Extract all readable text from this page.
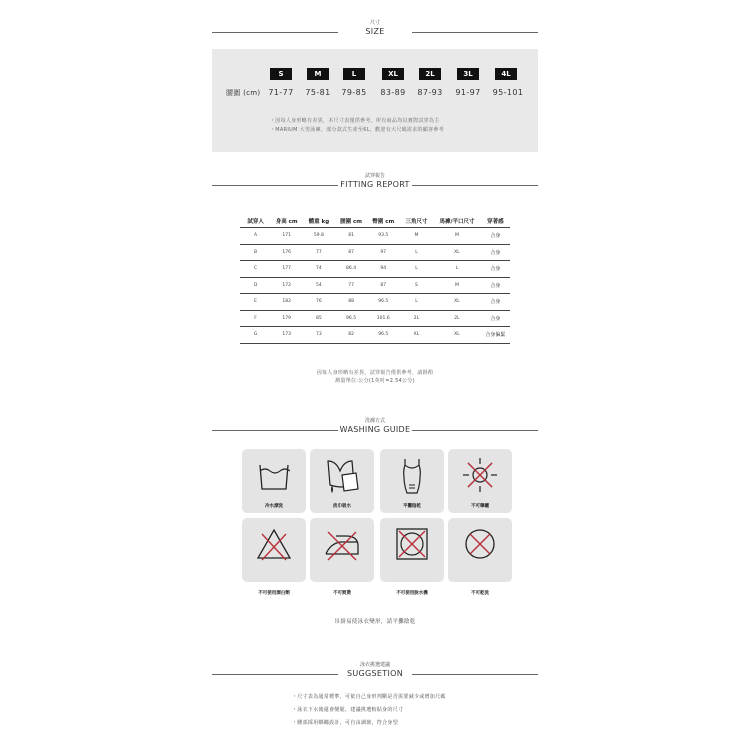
尺寸
SIZE
S	M	L	XL	2L	3L	4L
腰圍 (cm) 71-77	75-81	79-85	83-89	87-93	91-97	95-101
・因每人身形略有差異，本尺寸表僅供參考，所有商品均以實際試穿為主
・MARIUM 大男泳褲，部分款式生產至6L，歡迎有大尺碼需求的顧客參考
試穿報告
FITTING REPORT
試穿人	身高 cm	體重 kg	腰圍 cm	臀圍 cm	三角尺寸	馬褲/平口尺寸	穿著感
A	171	59.8	81	93.5	M	M	合身
B	176	77	87	97	L	XL	合身
C	177	74	86.4	94	L	L	合身
D	172	54	77	87	S	M	合身
E	182	76	88	96.5	L	XL	合身
F	179	85	96.5	101.6	2L	2L	合身
G	173	73	82	96.5	XL	XL	合身偏緊
因每人身形略有差異，試穿報告僅供參考，請斟酌
測量單位:公分(1英吋=2.54公分)
洗滌方式
WASHING GUIDE
冷水漂洗	淡巾吸水	平攤陰乾	不可曝曬
不可使用漂白劑	不可熨燙	不可使用脫水機	不可乾洗
吊掛易使泳衣變形，請平攤陰乾
泳衣挑選建議
SUGGSETION
・尺寸表為通常標準，可依自己身形判斷是否需要減少或增加尺碼
・泳衣下水後還會變鬆，建議挑選較貼身的尺寸
・腰部採用綁繩設計，可自由調節，符合身型
